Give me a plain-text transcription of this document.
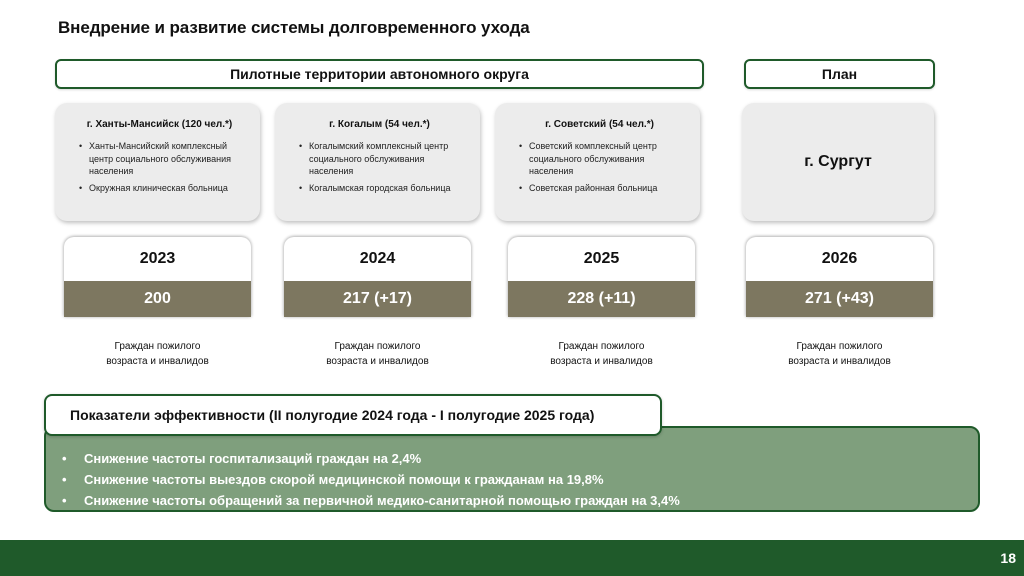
Внедрение и развитие системы долговременного ухода
Пилотные территории автономного округа	План
г. Ханты-Мансийск (120 чел.*)
• Ханты-Мансийский комплексный центр социального обслуживания населения
• Окружная клиническая больница
г. Когалым (54 чел.*)
• Когалымский комплексный центр социального обслуживания населения
• Когалымская городская больница
г. Советский (54 чел.*)
• Советский комплексный центр социального обслуживания населения
• Советская районная больница
г. Сургут
2023
200
2024
217 (+17)
2025
228 (+11)
2026
271 (+43)
Граждан пожилого
возраста и инвалидов
Граждан пожилого
возраста и инвалидов
Граждан пожилого
возраста и инвалидов
Граждан пожилого
возраста и инвалидов
• Снижение частоты госпитализаций граждан на 2,4%
• Снижение частоты выездов скорой медицинской помощи к гражданам на 19,8%
• Снижение частоты обращений за первичной медико-санитарной помощью граждан на 3,4%
Показатели эффективности (II полугодие 2024 года - I полугодие 2025 года)
18
